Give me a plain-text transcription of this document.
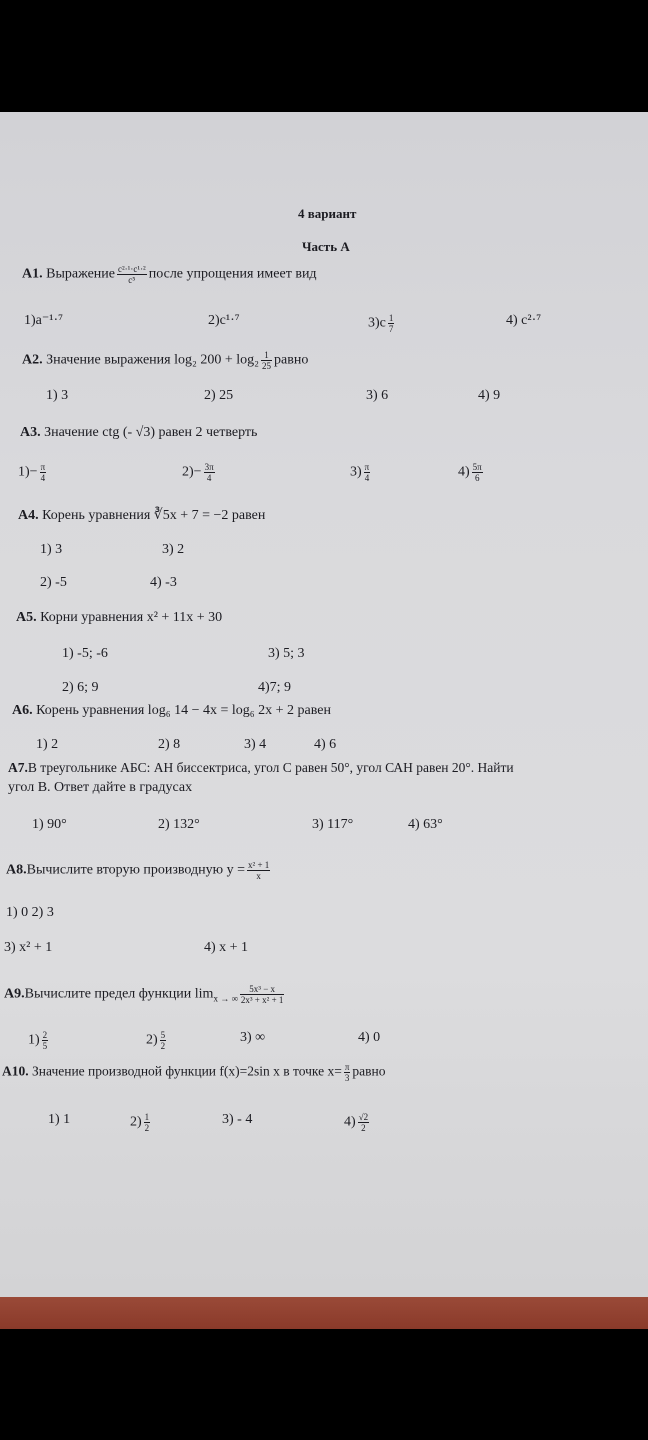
4 вариант
Часть А
А1. Выражение $\frac{\text{c²·¹·c¹·²}}{\text{c⁵}}$ после упрощения имеет вид
1)a⁻¹·⁷	2)c¹·⁷	$3)c \frac{1}{7}$	4) c²·⁷
А2. Значение выражения log₂ $200 + \log_2 \frac{1}{25}$ равно
1) 3	2) 25	3) 6	4) 9
А3. Значение ctg (- √3) равен 2 четверть
$1)- \frac{\pi}{4}$	$2)- \frac{3\pi}{4}$	$3) \frac{\pi}{4}$	$4) \frac{5\pi}{6}$
А4. Корень уравнения ∛5x + 7 = −2 равен
1) 3	3) 2
2) -5	4) -3
А5. Корни уравнения x² + 11x + 30
1) -5; -6	3) 5; 3
2) 6; 9	4)7; 9
А6. Корень уравнения log₆ 14 − 4x = log₆ 2x + 2 равен
1) 2	2) 8	3) 4	4) 6
А7.В треугольнике АБС: АН биссектриса, угол С равен 50°, угол САН равен 20°. Найти
угол В. Ответ дайте в градусах
1) 90°	2) 132°	3) 117°	4) 63°
А8.Вычислите вторую производную $y = \frac{\text{x² + 1}}{x}$
1) 0 2) 3
3) x² + 1	4) x + 1
А9.Вычислите предел функции $\lim_{x \to \infty} \frac{\text{5x³ − x}}{\text{2x³ + x² + 1}}$
$1) \frac{2}{5}$	$2) \frac{5}{2}$	3) ∞	4) 0
А10. Значение производной функции f(x)=2sin x в точке $x= \frac{\pi}{3}$ равно
1) 1	$2) \frac{1}{2}$	3) - 4	$4) \frac{√2}{2}$
